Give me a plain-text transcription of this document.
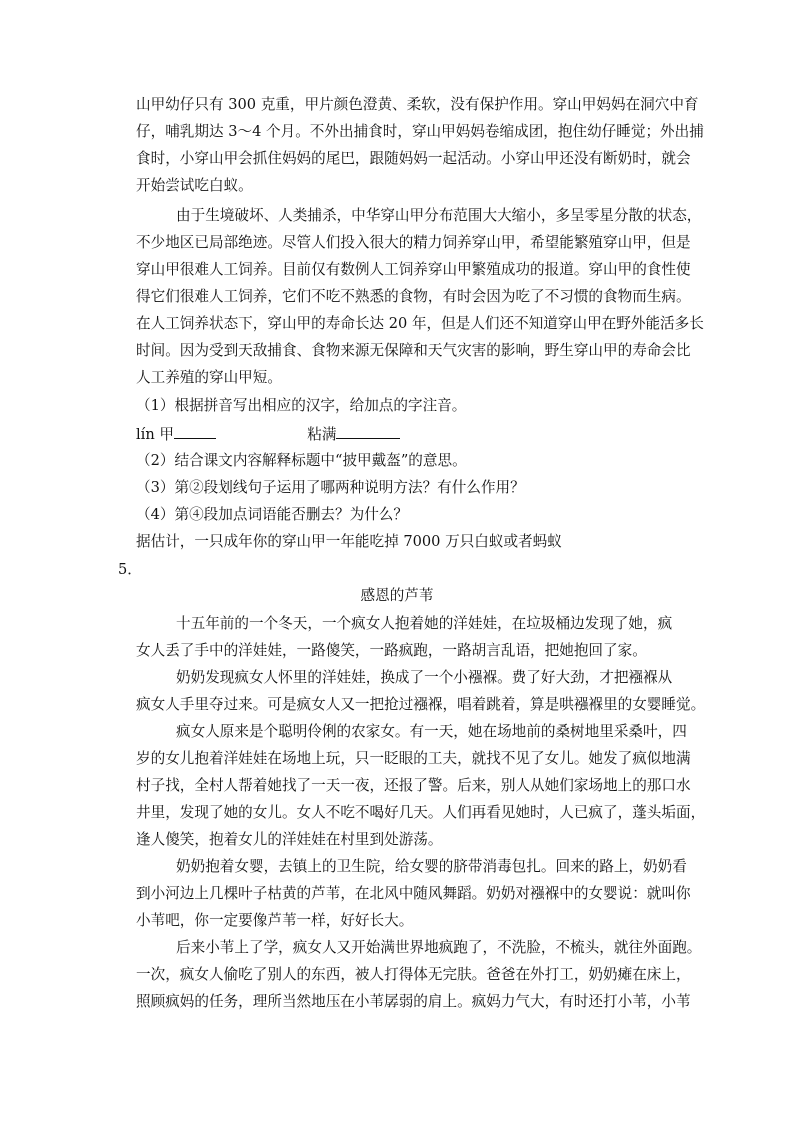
山甲幼仔只有 300 克重，甲片颜色澄黄、柔软，没有保护作用。穿山甲妈妈在洞穴中育
仔，哺乳期达 3～4 个月。不外出捕食时，穿山甲妈妈卷缩成团，抱住幼仔睡觉；外出捕
食时，小穿山甲会抓住妈妈的尾巴，跟随妈妈一起活动。小穿山甲还没有断奶时，就会
开始尝试吃白蚁。
由于生境破坏、人类捕杀，中华穿山甲分布范围大大缩小，多呈零星分散的状态，
不少地区已局部绝迹。尽管人们投入很大的精力饲养穿山甲，希望能繁殖穿山甲，但是
穿山甲很难人工饲养。目前仅有数例人工饲养穿山甲繁殖成功的报道。穿山甲的食性使
得它们很难人工饲养，它们不吃不熟悉的食物，有时会因为吃了不习惯的食物而生病。
在人工饲养状态下，穿山甲的寿命长达 20 年，但是人们还不知道穿山甲在野外能活多长
时间。因为受到天敌捕食、食物来源无保障和天气灾害的影响，野生穿山甲的寿命会比
人工养殖的穿山甲短。
（1）根据拼音写出相应的汉字，给加点的字注音。
lín 甲	粘满
（2）结合课文内容解释标题中“披甲戴盔”的意思。
（3）第②段划线句子运用了哪两种说明方法？有什么作用？
（4）第④段加点词语能否删去？为什么？
据估计，一只成年你的穿山甲一年能吃掉 7000 万只白蚁或者蚂蚁
5．
感恩的芦苇
十五年前的一个冬天，一个疯女人抱着她的洋娃娃，在垃圾桶边发现了她，疯
女人丢了手中的洋娃娃，一路傻笑，一路疯跑，一路胡言乱语，把她抱回了家。
奶奶发现疯女人怀里的洋娃娃，换成了一个小襁褓。费了好大劲，才把襁褓从
疯女人手里夺过来。可是疯女人又一把抢过襁褓，唱着跳着，算是哄襁褓里的女婴睡觉。
疯女人原来是个聪明伶俐的农家女。有一天，她在场地前的桑树地里采桑叶，四
岁的女儿抱着洋娃娃在场地上玩，只一眨眼的工夫，就找不见了女儿。她发了疯似地满
村子找，全村人帮着她找了一天一夜，还报了警。后来，别人从她们家场地上的那口水
井里，发现了她的女儿。女人不吃不喝好几天。人们再看见她时，人已疯了，蓬头垢面，
逢人傻笑，抱着女儿的洋娃娃在村里到处游荡。
奶奶抱着女婴，去镇上的卫生院，给女婴的脐带消毒包扎。回来的路上，奶奶看
到小河边上几棵叶子枯黄的芦苇，在北风中随风舞蹈。奶奶对襁褓中的女婴说：就叫你
小苇吧，你一定要像芦苇一样，好好长大。
后来小苇上了学，疯女人又开始满世界地疯跑了，不洗脸，不梳头，就往外面跑。
一次，疯女人偷吃了别人的东西，被人打得体无完肤。爸爸在外打工，奶奶瘫在床上，
照顾疯妈的任务，理所当然地压在小苇孱弱的肩上。疯妈力气大，有时还打小苇，小苇
